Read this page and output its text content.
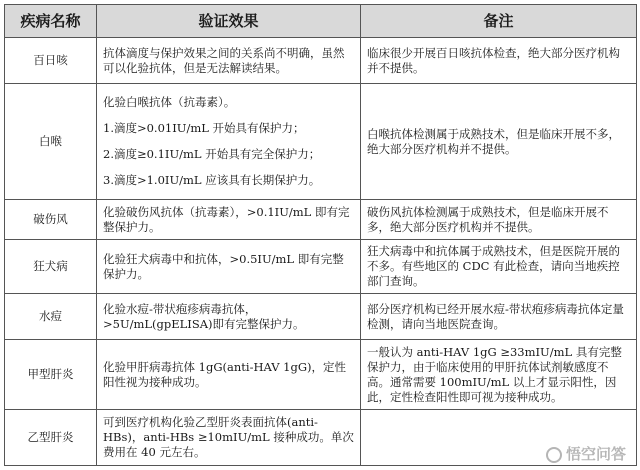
疾病名称	验证效果	备注
百日咳	抗体滴度与保护效果之间的关系尚不明确，虽然可以化验抗体，但是无法解读结果。	临床很少开展百日咳抗体检查，绝大部分医疗机构并不提供。

白喉	化验白喉抗体（抗毒素）。
1.滴度>0.01IU/mL 开始具有保护力；
2.滴度≥0.1IU/mL 开始具有完全保护力；
3.滴度>1.0IU/mL 应该具有长期保护力。	白喉抗体检测属于成熟技术，但是临床开展不多，绝大部分医疗机构并不提供。

破伤风	化验破伤风抗体（抗毒素），>0.1IU/mL 即有完整保护力。	破伤风抗体检测属于成熟技术，但是临床开展不多，绝大部分医疗机构并不提供。

狂犬病	化验狂犬病毒中和抗体，>0.5IU/mL 即有完整保护力。	狂犬病毒中和抗体属于成熟技术，但是医院开展的不多。有些地区的 CDC 有此检查，请向当地疾控部门查询。

水痘	化验水痘-带状疱疹病毒抗体，>5U/mL(gpELISA)即有完整保护力。	部分医疗机构已经开展水痘-带状疱疹病毒抗体定量检测，请向当地医院查询。

甲型肝炎	化验甲肝病毒抗体 1gG(anti-HAV 1gG)，定性阳性视为接种成功。	一般认为 anti-HAV 1gG ≥33mIU/mL 具有完整保护力，由于临床使用的甲肝抗体试剂敏感度不高。通常需要 100mIU/mL 以上才显示阳性，因此，定性检查阳性即可视为接种成功。

乙型肝炎	可到医疗机构化验乙型肝炎表面抗体(anti-HBs)，anti-HBs ≥10mIU/mL 接种成功。单次费用在 40 元左右。	
		悟空问答
